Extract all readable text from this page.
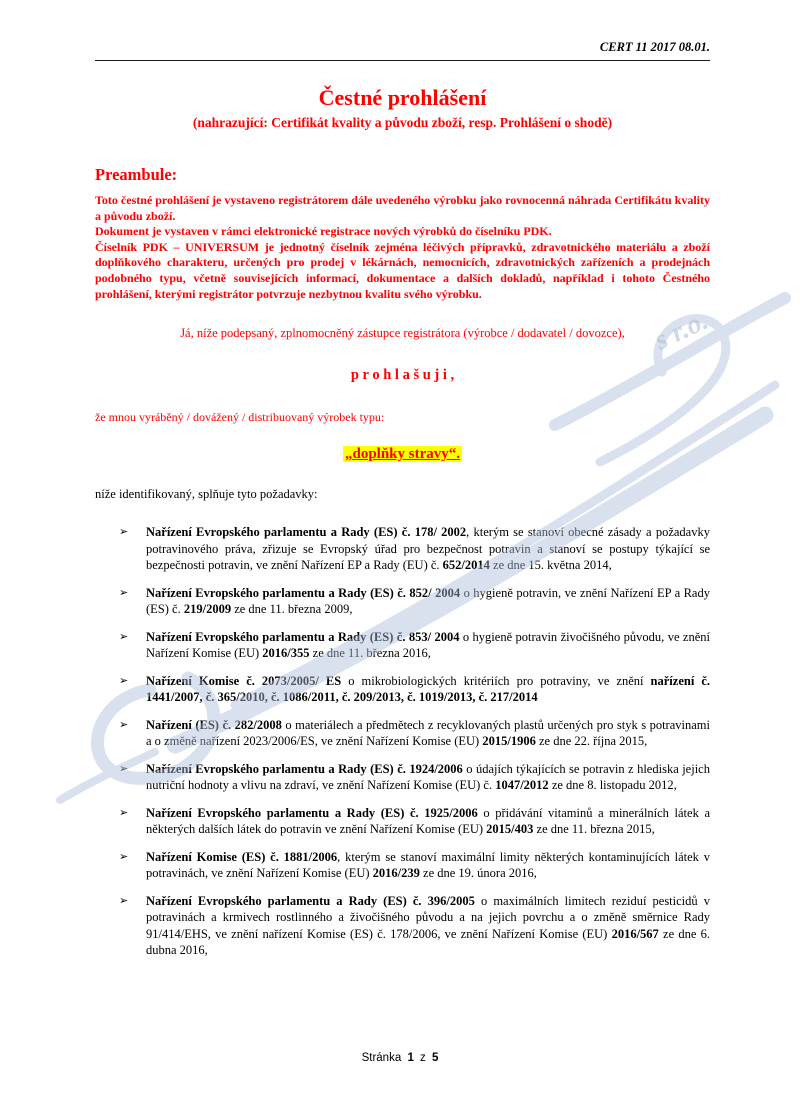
s r.o.
CERT 11 2017 08.01.
Čestné prohlášení
(nahrazující: Certifikát kvality a původu zboží, resp. Prohlášení o shodě)
Preambule:

Toto čestné prohlášení je vystaveno registrátorem dále uvedeného výrobku jako rovnocenná náhrada Certifikátu kvality a původu zboží.

Dokument je vystaven v rámci elektronické registrace nových výrobků do číselníku PDK.

Číselník PDK – UNIVERSUM je jednotný číselník zejména léčivých přípravků, zdravotnického materiálu a zboží doplňkového charakteru, určených pro prodej v lékárnách, nemocnicích, zdravotnických zařízeních a prodejnách podobného typu, včetně souvisejících informací, dokumentace a dalších dokladů, například i tohoto Čestného prohlášení, kterými registrátor potvrzuje nezbytnou kvalitu svého výrobku.

Já, níže podepsaný, zplnomocněný zástupce registrátora (výrobce / dodavatel / dovozce),
p r o h l a š u j i ,
že mnou vyráběný / dovážený / distribuovaný výrobek typu:
„doplňky stravy“.
níže identifikovaný, splňuje tyto požadavky:
➢ Nařízení Evropského parlamentu a Rady (ES) č. 178/ 2002, kterým se stanoví obecné zásady a požadavky potravinového práva, zřizuje se Evropský úřad pro bezpečnost potravin a stanoví se postupy týkající se bezpečnosti potravin, ve znění Nařízení EP a Rady (EU) č. 652/2014 ze dne 15. května 2014,
➢ Nařízení Evropského parlamentu a Rady (ES) č. 852/ 2004 o hygieně potravin, ve znění Nařízení EP a Rady (ES) č. 219/2009 ze dne 11. března 2009,
➢ Nařízení Evropského parlamentu a Rady (ES) č. 853/ 2004 o hygieně potravin živočišného původu, ve znění Nařízení Komise (EU) 2016/355 ze dne 11. března 2016,
➢ Nařízení Komise č. 2073/2005/ ES o mikrobiologických kritériích pro potraviny, ve znění nařízení č. 1441/2007, č. 365/2010, č. 1086/2011, č. 209/2013, č. 1019/2013, č. 217/2014
➢ Nařízení (ES) č. 282/2008 o materiálech a předmětech z recyklovaných plastů určených pro styk s potravinami a o změně nařízení 2023/2006/ES, ve znění Nařízení Komise (EU) 2015/1906 ze dne 22. října 2015,
➢ Nařízení Evropského parlamentu a Rady (ES) č. 1924/2006 o údajích týkajících se potravin z hlediska jejich nutriční hodnoty a vlivu na zdraví, ve znění Nařízení Komise (EU) č. 1047/2012 ze dne 8. listopadu 2012,
➢ Nařízení Evropského parlamentu a Rady (ES) č. 1925/2006 o přidávání vitaminů a minerálních látek a některých dalších látek do potravin ve znění Nařízení Komise (EU) 2015/403 ze dne 11. března 2015,
➢ Nařízení Komise (ES) č. 1881/2006, kterým se stanoví maximální limity některých kontaminujících látek v potravinách, ve znění Nařízení Komise (EU) 2016/239 ze dne 19. února 2016,
➢ Nařízení Evropského parlamentu a Rady (ES) č. 396/2005 o maximálních limitech reziduí pesticidů v potravinách a krmivech rostlinného a živočišného původu a na jejich povrchu a o změně směrnice Rady 91/414/EHS, ve znění nařízení Komise (ES) č. 178/2006, ve znění Nařízení Komise (EU) 2016/567 ze dne 6. dubna 2016,
Stránka 1 z 5
